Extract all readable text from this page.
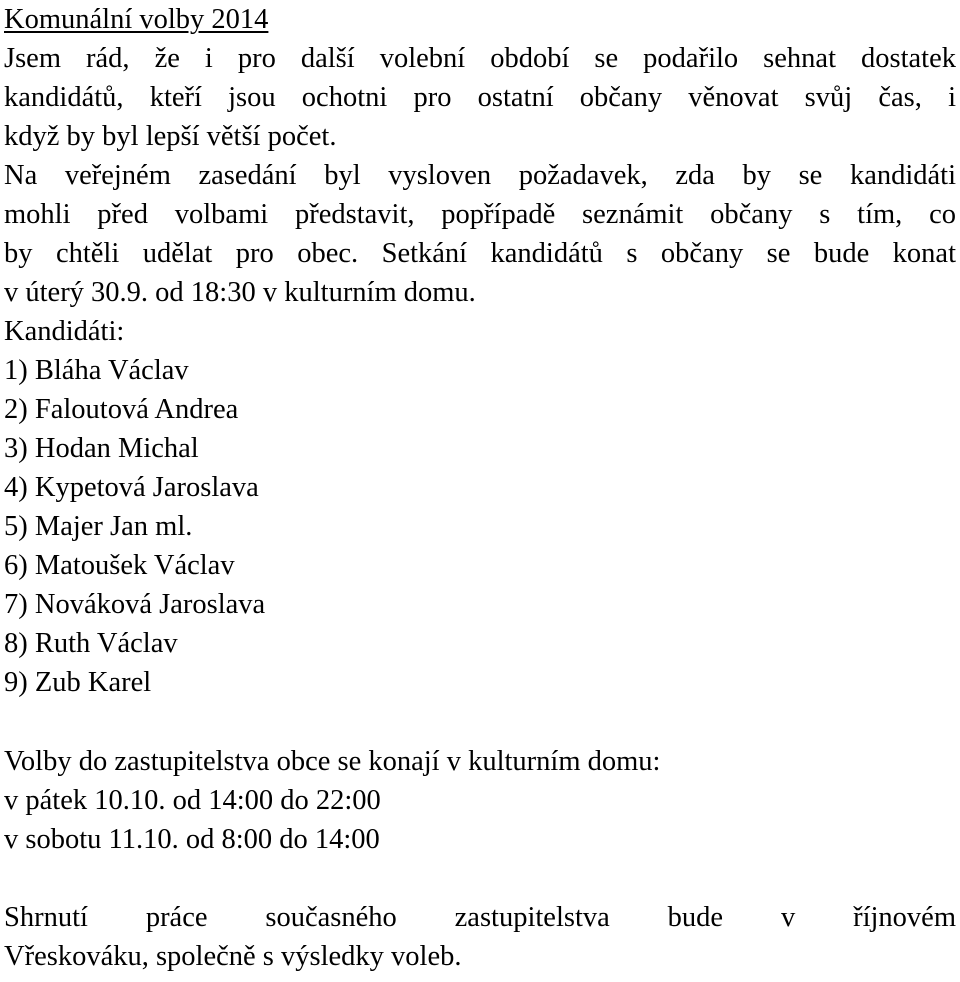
Komunální volby 2014
Jsem rád, že i pro další volební období se podařilo sehnat dostatek
kandidátů, kteří jsou ochotni pro ostatní občany věnovat svůj čas, i
když by byl lepší větší počet.
Na veřejném zasedání byl vysloven požadavek, zda by se kandidáti
mohli před volbami představit, popřípadě seznámit občany s tím, co
by chtěli udělat pro obec. Setkání kandidátů s občany se bude konat
v úterý 30.9. od 18:30 v kulturním domu.
Kandidáti:
1) Bláha Václav
2) Faloutová Andrea
3) Hodan Michal
4) Kypetová Jaroslava
5) Majer Jan ml.
6) Matoušek Václav
7) Nováková Jaroslava
8) Ruth Václav
9) Zub Karel
Volby do zastupitelstva obce se konají v kulturním domu:
v pátek 10.10. od 14:00 do 22:00
v sobotu 11.10. od 8:00 do 14:00
Shrnutí práce současného zastupitelstva bude v říjnovém
Vřeskováku, společně s výsledky voleb.
